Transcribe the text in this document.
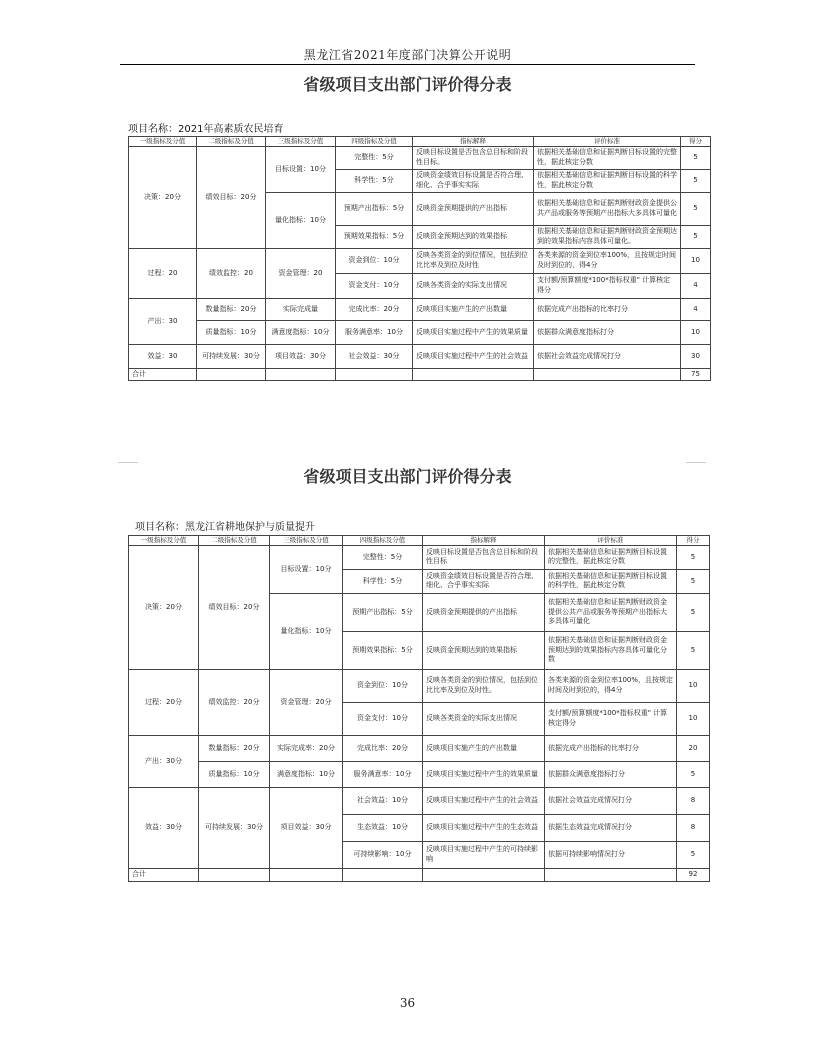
黑龙江省2021年度部门决算公开说明
省级项目支出部门评价得分表
项目名称：2021年高素质农民培育
一级指标及分值	二级指标及分值	三级指标及分值	四级指标及分值	指标解释	评价标准	得分
决策：20分	绩效目标：20分	目标设置：10分	完整性：5分	反映目标设置是否包含总目标和阶段性目标。	依据相关基础信息和证据判断目标设置的完整性，据此核定分数	5
			科学性：5分	反映资金绩效目标设置是否符合理、细化、合乎事实实际	依据相关基础信息和证据判断目标设置的科学性，据此核定分数	5
		量化指标：10分	预期产出指标：5分	反映资金预期提供的产出指标	依据相关基础信息和证据判断财政资金提供公共产品或服务等预期产出指标大多具体可量化	5
			预期效果指标：5分	反映资金预期达到的效果指标	依据相关基础信息和证据判断财政资金预期达到的效果指标内容具体可量化。	5
过程：20	绩效监控：20	资金管理：20	资金到位：10分	反映各类资金的到位情况，包括到位比比率及到位及时性	各类来源的资金到位率100%，且按规定时间及时到位的，得4分	10
			资金支付：10分	反映各类资金的实际支出情况	支付额/预算额度*100*指标权重" 计算核定得分	4
产出：30	数量指标：20分	实际完成量	完成比率：20分	反映项目实施产生的产出数量	依据完成产出指标的比率打分	4
	质量指标：10分	满意度指标：10分	服务满意率：10分	反映项目实施过程中产生的效果质量	依据群众满意度指标打分	10
效益：30	可持续发展：30分	项目效益：30分	社会效益：30分	反映项目实施过程中产生的社会效益	依据社会效益完成情况打分	30
合计						75
省级项目支出部门评价得分表
项目名称：黑龙江省耕地保护与质量提升
一级指标及分值	二级指标及分值	三级指标及分值	四级指标及分值	指标解释	评价标准	得分
决策：20分	绩效目标：20分	目标设置：10分	完整性：5分	反映目标设置是否包含总目标和阶段性目标	依据相关基础信息和证据判断目标设置的完整性，据此核定分数	5
			科学性：5分	反映资金绩效目标设置是否符合理、细化、合乎事实实际	依据相关基础信息和证据判断目标设置的科学性，据此核定分数	5
		量化指标：10分	预期产出指标：5分	反映资金预期提供的产出指标	依据相关基础信息和证据判断财政资金提供公共产品或服务等预期产出指标大多具体可量化	5
			预期效果指标：5分	反映资金预期达到的效果指标	依据相关基础信息和证据判断财政资金预期达到的效果指标内容具体可量化分数	5
过程：20分	绩效监控：20分	资金管理：20分	资金到位：10分	反映各类资金的到位情况，包括到位比比率及到位及时性。	各类来源的资金到位率100%，且按规定时间及时到位的，得4分	10
			资金支付：10分	反映各类资金的实际支出情况	支付额/预算额度*100*指标权重" 计算核定得分	10
产出：30分	数量指标：20分	实际完成率：20分	完成比率：20分	反映项目实施产生的产出数量	依据完成产出指标的比率打分	20
	质量指标：10分	满意度指标：10分	服务满意率：10分	反映项目实施过程中产生的效果质量	依据群众满意度指标打分	5
效益：30分	可持续发展：30分	项目效益：30分	社会效益：10分	反映项目实施过程中产生的社会效益	依据社会效益完成情况打分	8
			生态效益：10分	反映项目实施过程中产生的生态效益	依据生态效益完成情况打分	8
			可持续影响：10分	反映项目实施过程中产生的可持续影响	依据可持续影响情况打分	5
合计						92
36
